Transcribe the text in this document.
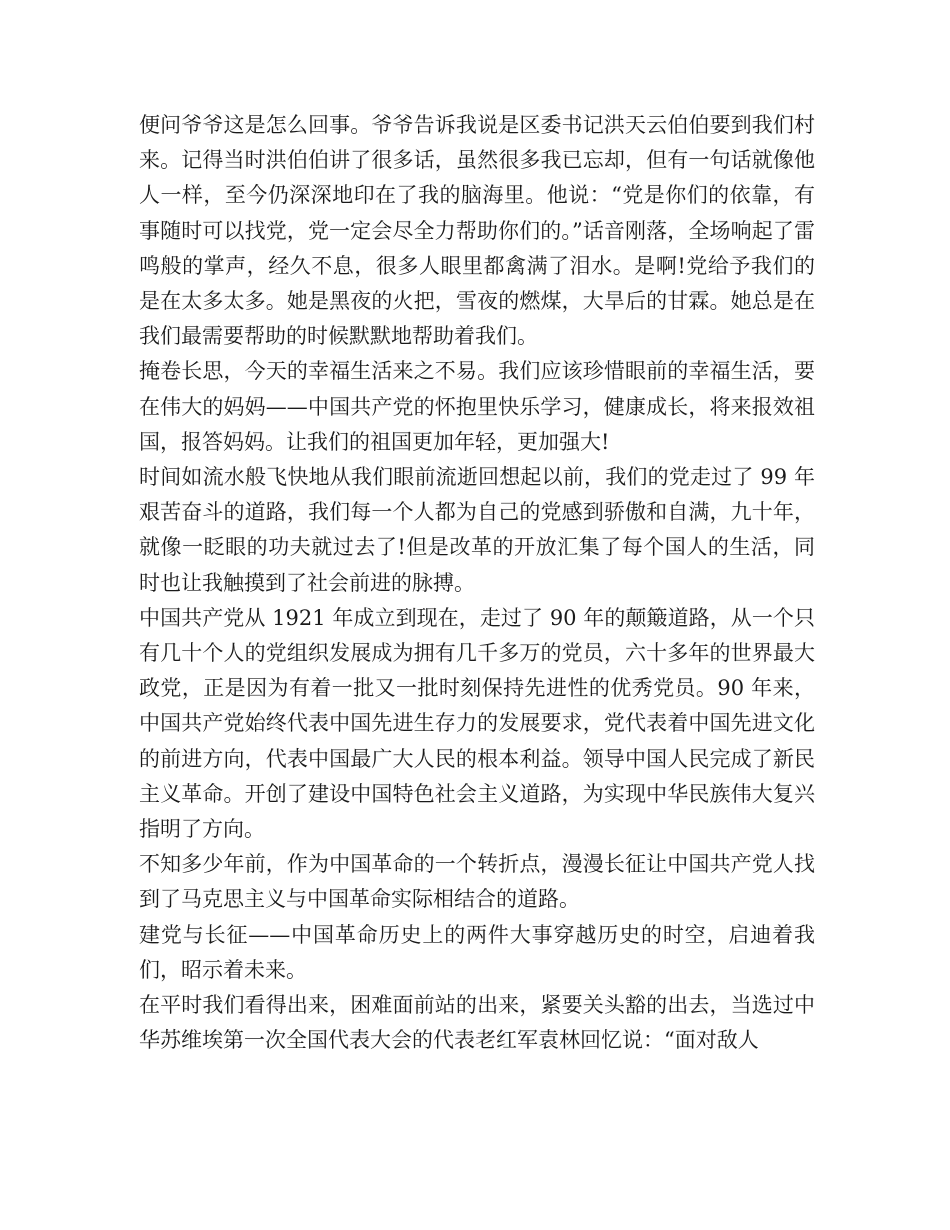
便问爷爷这是怎么回事。爷爷告诉我说是区委书记洪天云伯伯要到我们村来。记得当时洪伯伯讲了很多话，虽然很多我已忘却，但有一句话就像他人一样，至今仍深深地印在了我的脑海里。他说：“党是你们的依靠，有事随时可以找党，党一定会尽全力帮助你们的。”话音刚落，全场响起了雷鸣般的掌声，经久不息，很多人眼里都禽满了泪水。是啊!党给予我们的是在太多太多。她是黑夜的火把，雪夜的燃煤，大旱后的甘霖。她总是在我们最需要帮助的时候默默地帮助着我们。

掩卷长思，今天的幸福生活来之不易。我们应该珍惜眼前的幸福生活，要在伟大的妈妈——中国共产党的怀抱里快乐学习，健康成长，将来报效祖国，报答妈妈。让我们的祖国更加年轻，更加强大!

时间如流水般飞快地从我们眼前流逝回想起以前，我们的党走过了 99 年艰苦奋斗的道路，我们每一个人都为自己的党感到骄傲和自满，九十年，就像一眨眼的功夫就过去了!但是改革的开放汇集了每个国人的生活，同时也让我触摸到了社会前进的脉搏。

中国共产党从 1921 年成立到现在，走过了 90 年的颠簸道路，从一个只有几十个人的党组织发展成为拥有几千多万的党员，六十多年的世界最大政党，正是因为有着一批又一批时刻保持先进性的优秀党员。90 年来，中国共产党始终代表中国先进生存力的发展要求，党代表着中国先进文化的前进方向，代表中国最广大人民的根本利益。领导中国人民完成了新民主义革命。开创了建设中国特色社会主义道路，为实现中华民族伟大复兴指明了方向。

不知多少年前，作为中国革命的一个转折点，漫漫长征让中国共产党人找到了马克思主义与中国革命实际相结合的道路。

建党与长征——中国革命历史上的两件大事穿越历史的时空，启迪着我们，昭示着未来。

在平时我们看得出来，困难面前站的出来，紧要关头豁的出去，当选过中华苏维埃第一次全国代表大会的代表老红军袁林回忆说：“面对敌人
